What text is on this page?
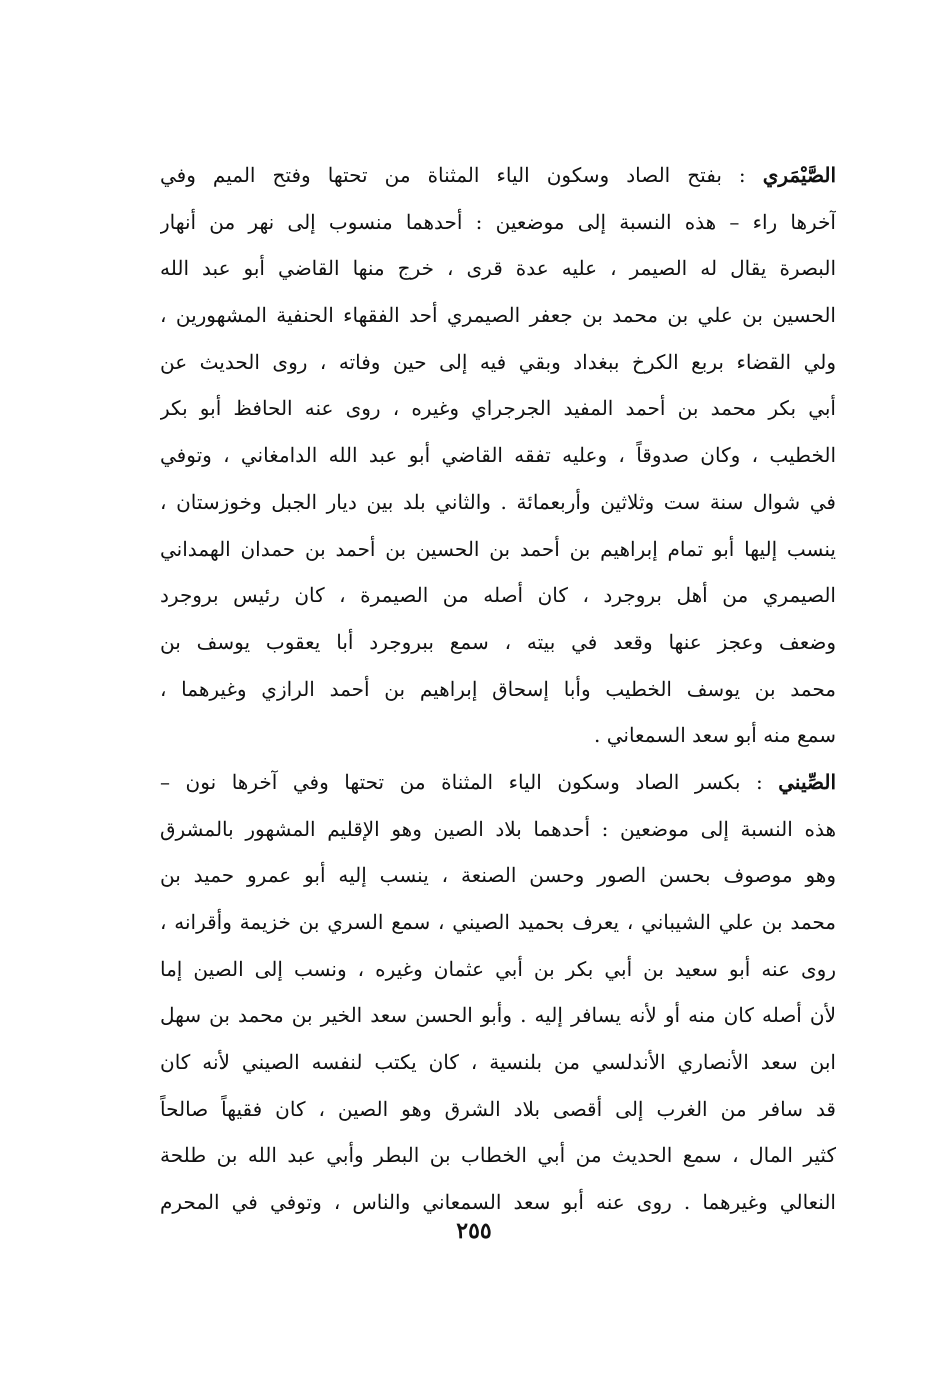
الصَّيْمَري : بفتح الصاد وسكون الياء المثناة من تحتها وفتح الميم وفي
آخرها راء – هذه النسبة إلى موضعين : أحدهما منسوب إلى نهر من أنهار
البصرة يقال له الصيمر ، عليه عدة قرى ، خرج منها القاضي أبو عبد الله
الحسين بن علي بن محمد بن جعفر الصيمري أحد الفقهاء الحنفية المشهورين ،
ولي القضاء بربع الكرخ ببغداد وبقي فيه إلى حين وفاته ، روى الحديث عن
أبي بكر محمد بن أحمد المفيد الجرجراي وغيره ، روى عنه الحافظ أبو بكر
الخطيب ، وكان صدوقاً ، وعليه تفقه القاضي أبو عبد الله الدامغاني ، وتوفي
في شوال سنة ست وثلاثين وأربعمائة . والثاني بلد بين ديار الجبل وخوزستان ،
ينسب إليها أبو تمام إبراهيم بن أحمد بن الحسين بن أحمد بن حمدان الهمداني
الصيمري من أهل بروجرد ، كان أصله من الصيمرة ، كان رئيس بروجرد
وضعف وعجز عنها وقعد في بيته ، سمع ببروجرد أبا يعقوب يوسف بن
محمد بن يوسف الخطيب وأبا إسحاق إبراهيم بن أحمد الرازي وغيرهما ،
سمع منه أبو سعد السمعاني .
الصِّيني : بكسر الصاد وسكون الياء المثناة من تحتها وفي آخرها نون –
هذه النسبة إلى موضعين : أحدهما بلاد الصين وهو الإقليم المشهور بالمشرق
وهو موصوف بحسن الصور وحسن الصنعة ، ينسب إليه أبو عمرو حميد بن
محمد بن علي الشيباني ، يعرف بحميد الصيني ، سمع السري بن خزيمة وأقرانه ،
روى عنه أبو سعيد بن أبي بكر بن أبي عثمان وغيره ، ونسب إلى الصين إما
لأن أصله كان منه أو لأنه يسافر إليه . وأبو الحسن سعد الخير بن محمد بن سهل
ابن سعد الأنصاري الأندلسي من بلنسية ، كان يكتب لنفسه الصيني لأنه كان
قد سافر من الغرب إلى أقصى بلاد الشرق وهو الصين ، كان فقيهاً صالحاً
كثير المال ، سمع الحديث من أبي الخطاب بن البطر وأبي عبد الله بن طلحة
النعالي وغيرهما . روى عنه أبو سعد السمعاني والناس ، وتوفي في المحرم
٢٥٥
